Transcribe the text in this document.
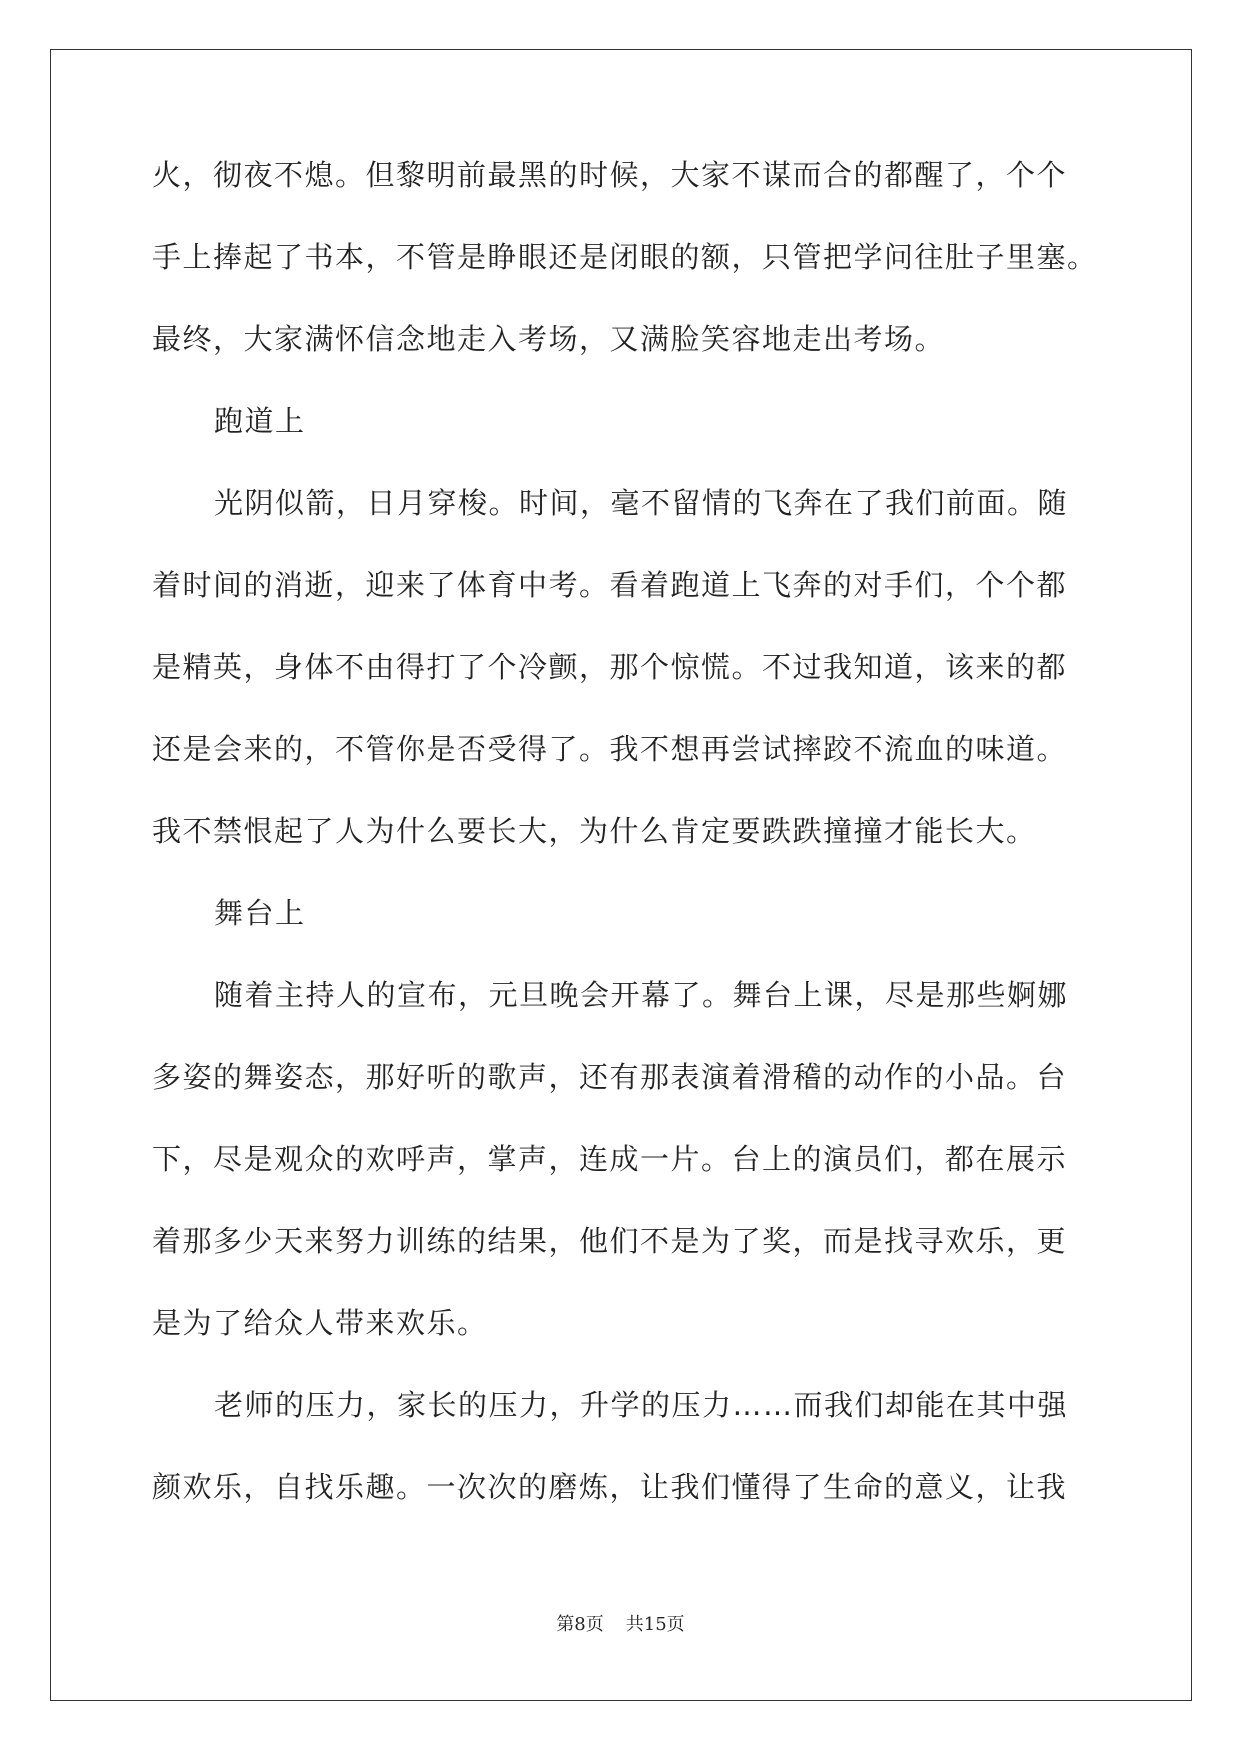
火，彻夜不熄。但黎明前最黑的时候，大家不谋而合的都醒了，个个
手上捧起了书本，不管是睁眼还是闭眼的额，只管把学问往肚子里塞。
最终，大家满怀信念地走入考场，又满脸笑容地走出考场。
跑道上
光阴似箭，日月穿梭。时间，毫不留情的飞奔在了我们前面。随
着时间的消逝，迎来了体育中考。看着跑道上飞奔的对手们，个个都
是精英，身体不由得打了个冷颤，那个惊慌。不过我知道，该来的都
还是会来的，不管你是否受得了。我不想再尝试摔跤不流血的味道。
我不禁恨起了人为什么要长大，为什么肯定要跌跌撞撞才能长大。
舞台上
随着主持人的宣布，元旦晚会开幕了。舞台上课，尽是那些婀娜
多姿的舞姿态，那好听的歌声，还有那表演着滑稽的动作的小品。台
下，尽是观众的欢呼声，掌声，连成一片。台上的演员们，都在展示
着那多少天来努力训练的结果，他们不是为了奖，而是找寻欢乐，更
是为了给众人带来欢乐。
老师的压力，家长的压力，升学的压力……而我们却能在其中强
颜欢乐，自找乐趣。一次次的磨炼，让我们懂得了生命的意义，让我
第8页 共15页
